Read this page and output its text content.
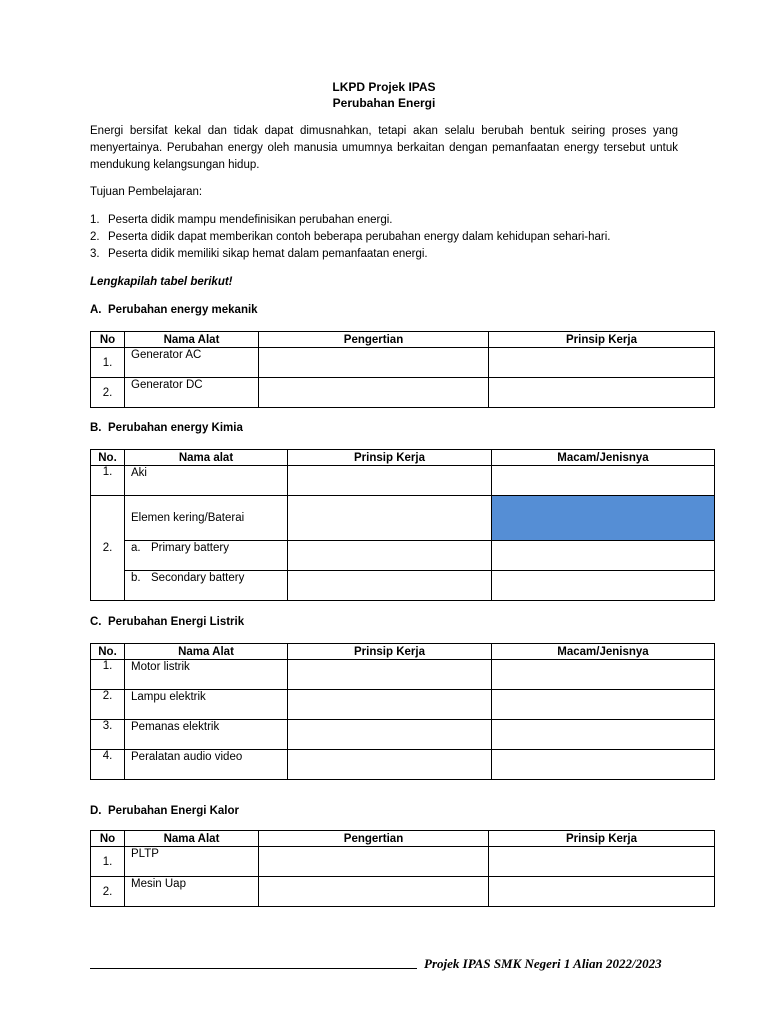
LKPD Projek IPAS
Perubahan Energi
Energi bersifat kekal dan tidak dapat dimusnahkan, tetapi akan selalu berubah bentuk seiring proses yang menyertainya. Perubahan energy oleh manusia umumnya berkaitan dengan pemanfaatan energy tersebut untuk mendukung kelangsungan hidup.
Tujuan Pembelajaran:
1. Peserta didik mampu mendefinisikan perubahan energi.
2. Peserta didik dapat memberikan contoh beberapa perubahan energy dalam kehidupan sehari-hari.
3. Peserta didik memiliki sikap hemat dalam pemanfaatan energi.
Lengkapilah tabel berikut!
A. Perubahan energy mekanik
No	Nama Alat	Pengertian	Prinsip Kerja
1.	Generator AC		
2.	Generator DC		
B. Perubahan energy Kimia
No.	Nama alat	Prinsip Kerja	Macam/Jenisnya
1.	Aki		
2.	Elemen kering/Baterai		
	a. Primary battery		
	b. Secondary battery		
C. Perubahan Energi Listrik
No.	Nama Alat	Prinsip Kerja	Macam/Jenisnya
1.	Motor listrik		
2.	Lampu elektrik		
3.	Pemanas elektrik		
4.	Peralatan audio video		
D. Perubahan Energi Kalor
No	Nama Alat	Pengertian	Prinsip Kerja
1.	PLTP		
2.	Mesin Uap		
Projek IPAS SMK Negeri 1 Alian 2022/2023
